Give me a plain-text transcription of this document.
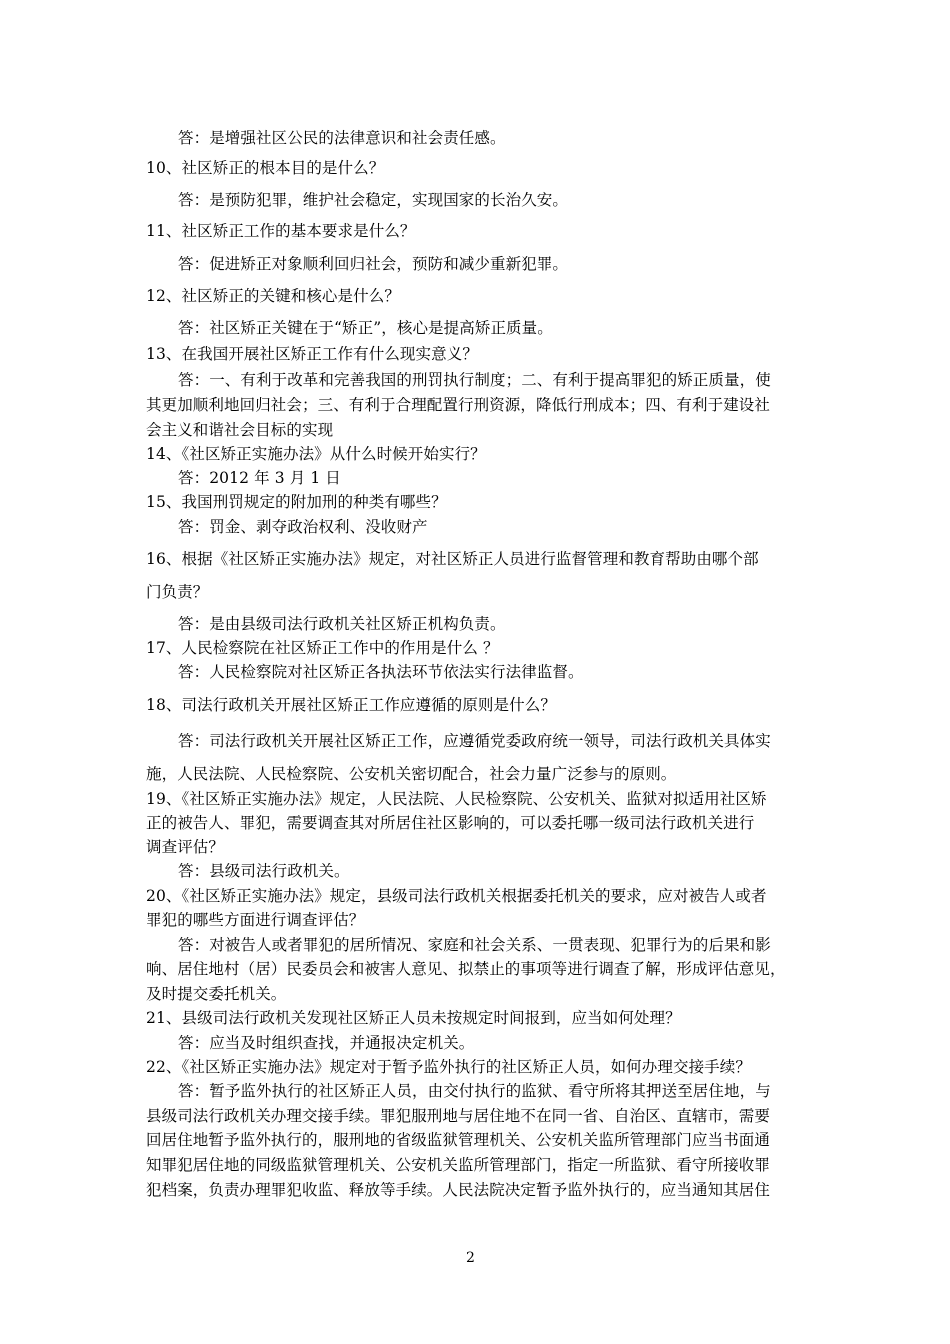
答：是增强社区公民的法律意识和社会责任感。
10、社区矫正的根本目的是什么？
答：是预防犯罪，维护社会稳定，实现国家的长治久安。
11、社区矫正工作的基本要求是什么？
答：促进矫正对象顺利回归社会，预防和减少重新犯罪。
12、社区矫正的关键和核心是什么？
答：社区矫正关键在于“矫正”，核心是提高矫正质量。
13、在我国开展社区矫正工作有什么现实意义？
答：一、有利于改革和完善我国的刑罚执行制度；二、有利于提高罪犯的矫正质量，使
其更加顺利地回归社会；三、有利于合理配置行刑资源，降低行刑成本；四、有利于建设社
会主义和谐社会目标的实现
14、《社区矫正实施办法》从什么时候开始实行？
答：2012 年 3 月 1 日
15、我国刑罚规定的附加刑的种类有哪些？
答：罚金、剥夺政治权利、没收财产
16、根据《社区矫正实施办法》规定，对社区矫正人员进行监督管理和教育帮助由哪个部
门负责？
答：是由县级司法行政机关社区矫正机构负责。
17、人民检察院在社区矫正工作中的作用是什么 ？
答：人民检察院对社区矫正各执法环节依法实行法律监督。
18、司法行政机关开展社区矫正工作应遵循的原则是什么？
答：司法行政机关开展社区矫正工作，应遵循党委政府统一领导，司法行政机关具体实
施，人民法院、人民检察院、公安机关密切配合，社会力量广泛参与的原则。
19、《社区矫正实施办法》规定，人民法院、人民检察院、公安机关、监狱对拟适用社区矫
正的被告人、罪犯，需要调查其对所居住社区影响的，可以委托哪一级司法行政机关进行
调查评估？
答：县级司法行政机关。
20、《社区矫正实施办法》规定，县级司法行政机关根据委托机关的要求，应对被告人或者
罪犯的哪些方面进行调查评估？
答：对被告人或者罪犯的居所情况、家庭和社会关系、一贯表现、犯罪行为的后果和影
响、居住地村（居）民委员会和被害人意见、拟禁止的事项等进行调查了解，形成评估意见，
及时提交委托机关。
21、县级司法行政机关发现社区矫正人员未按规定时间报到，应当如何处理？
答：应当及时组织查找，并通报决定机关。
22、《社区矫正实施办法》规定对于暂予监外执行的社区矫正人员，如何办理交接手续？
答：暂予监外执行的社区矫正人员，由交付执行的监狱、看守所将其押送至居住地，与
县级司法行政机关办理交接手续。罪犯服刑地与居住地不在同一省、自治区、直辖市，需要
回居住地暂予监外执行的，服刑地的省级监狱管理机关、公安机关监所管理部门应当书面通
知罪犯居住地的同级监狱管理机关、公安机关监所管理部门，指定一所监狱、看守所接收罪
犯档案，负责办理罪犯收监、释放等手续。人民法院决定暂予监外执行的，应当通知其居住
2
